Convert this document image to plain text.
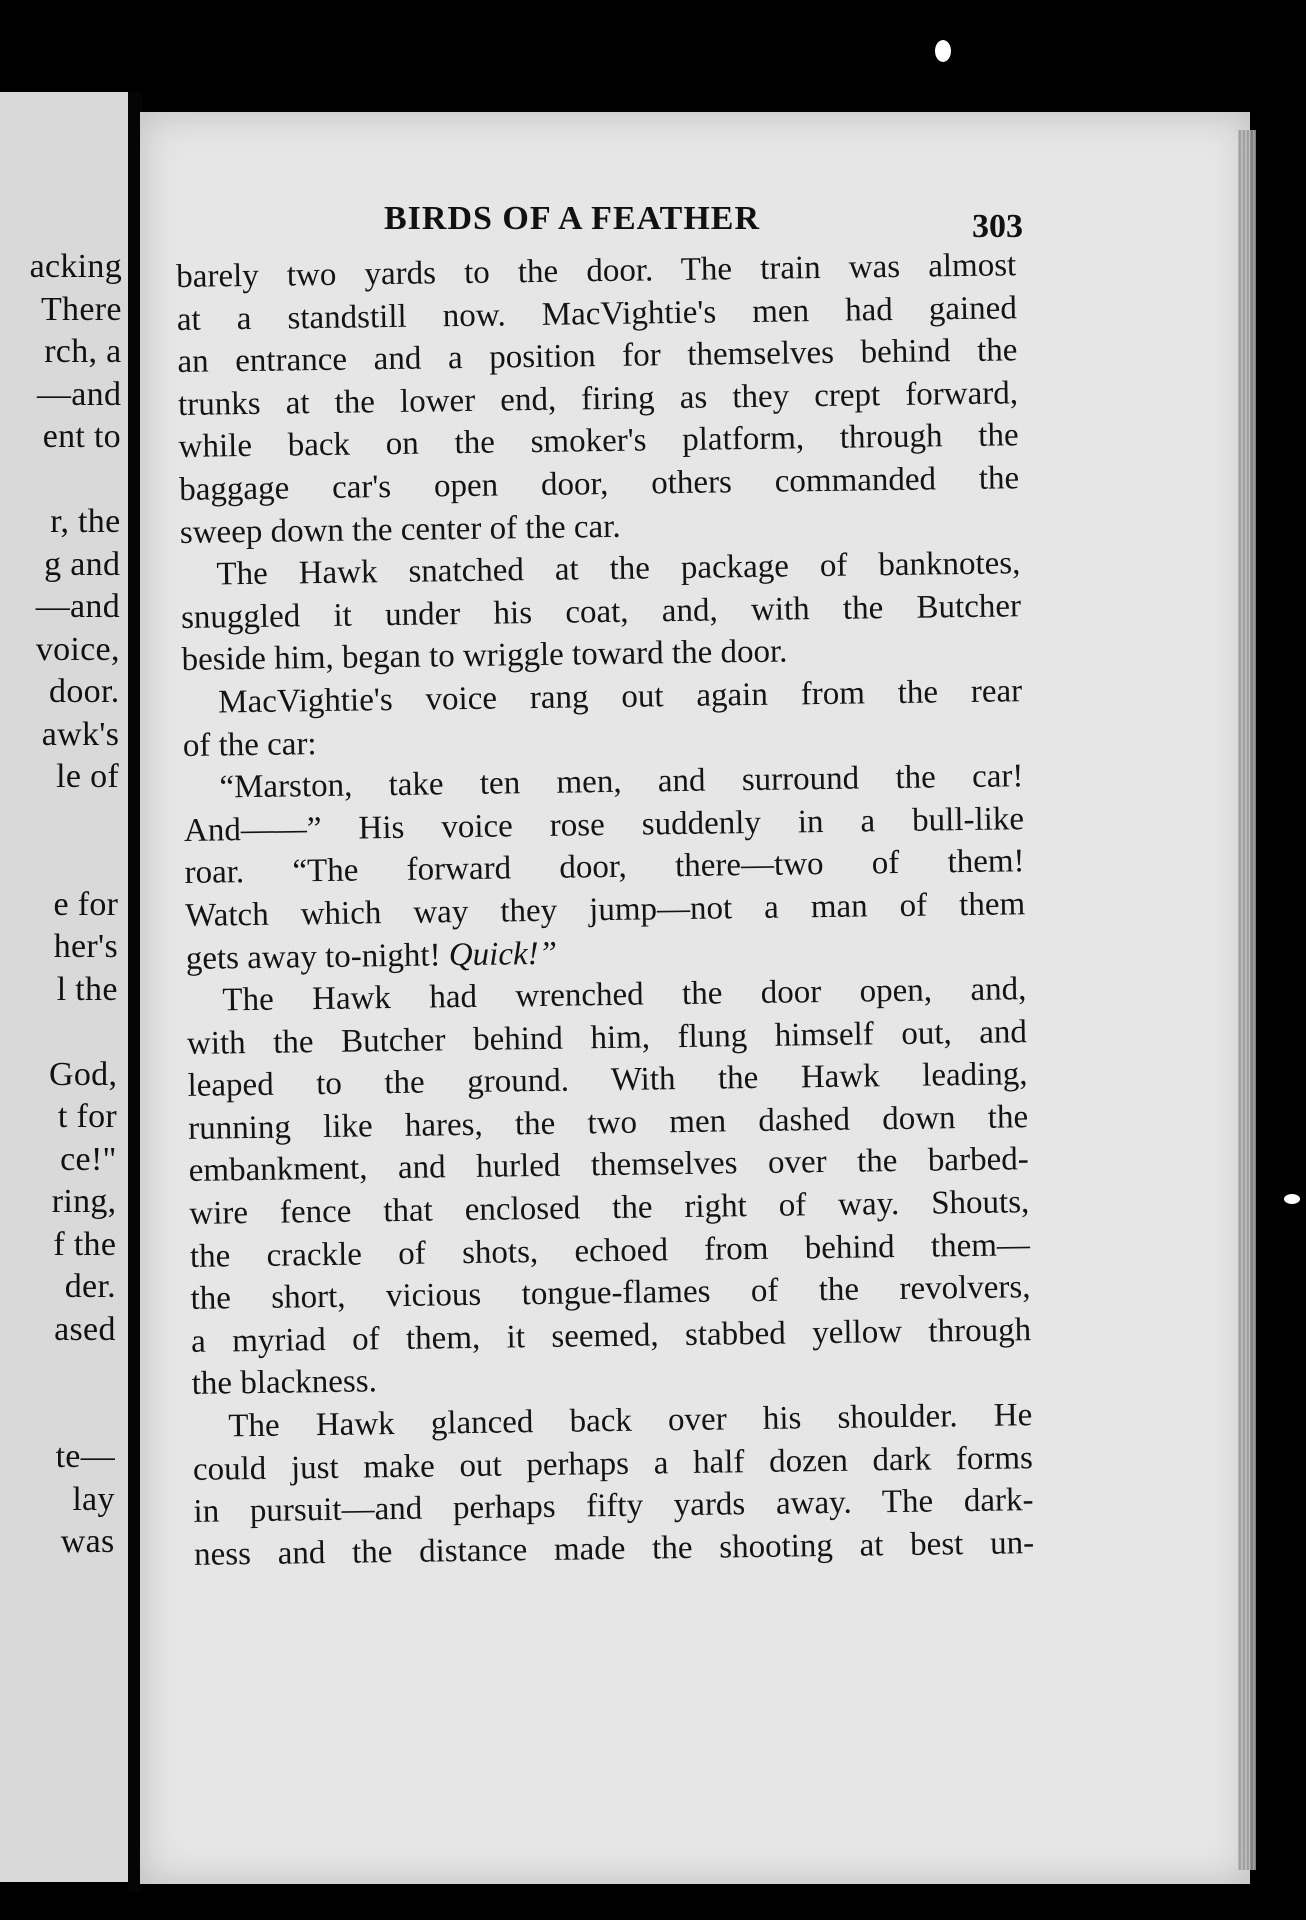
acking
There
rch, a
—and
ent to
r, the
g and
—and
voice,
door.
awk's
le of
e for
her's
l the
God,
t for
ce!"
ring,
f the
der.
ased
te—
lay
was
BIRDS OF A FEATHER	303
barely two yards to the door. The train was almost
at a standstill now. MacVightie's men had gained
an entrance and a position for themselves behind the
trunks at the lower end, firing as they crept forward,
while back on the smoker's platform, through the
baggage car's open door, others commanded the
sweep down the center of the car.
The Hawk snatched at the package of banknotes,
snuggled it under his coat, and, with the Butcher
beside him, began to wriggle toward the door.
MacVightie's voice rang out again from the rear
of the car:
“Marston, take ten men, and surround the car!
And——” His voice rose suddenly in a bull-like
roar. “The forward door, there—two of them!
Watch which way they jump—not a man of them
gets away to-night! Quick!”
The Hawk had wrenched the door open, and,
with the Butcher behind him, flung himself out, and
leaped to the ground. With the Hawk leading,
running like hares, the two men dashed down the
embankment, and hurled themselves over the barbed-
wire fence that enclosed the right of way. Shouts,
the crackle of shots, echoed from behind them—
the short, vicious tongue-flames of the revolvers,
a myriad of them, it seemed, stabbed yellow through
the blackness.
The Hawk glanced back over his shoulder. He
could just make out perhaps a half dozen dark forms
in pursuit—and perhaps fifty yards away. The dark-
ness and the distance made the shooting at best un-
